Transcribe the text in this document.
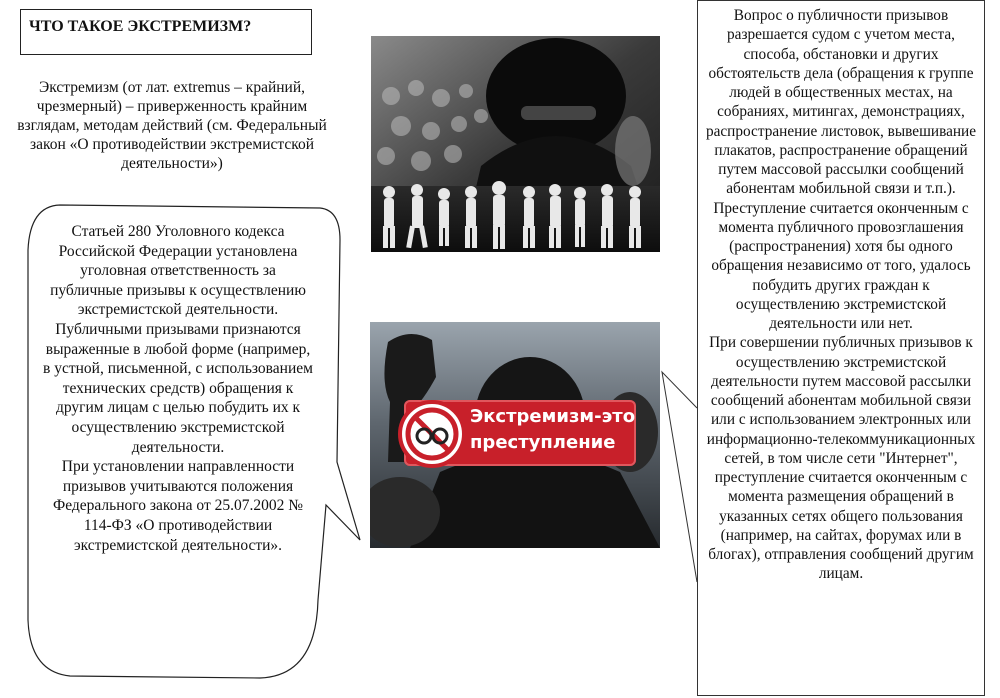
ЧТО ТАКОЕ ЭКСТРЕМИЗМ?
Экстремизм (от лат. extremus – крайний, чрезмерный) – приверженность крайним взглядам, методам действий (см. Федеральный закон «О противодействии экстремистской деятельности»)
Статьей 280 Уголовного кодекса Российской Федерации установлена уголовная ответственность за публичные призывы к осуществлению экстремистской деятельности.
Публичными призывами признаются выраженные в любой форме (например, в устной, письменной, с использованием технических средств) обращения к другим лицам с целью побудить их к осуществлению экстремистской деятельности.
При установлении направленности призывов учитываются положения Федерального закона от 25.07.2002 № 114-ФЗ «О противодействии экстремистской деятельности».
Экстремизм-это
преступление
Вопрос о публичности призывов разрешается судом с учетом места, способа, обстановки и других обстоятельств дела (обращения к группе людей в общественных местах, на собраниях, митингах, демонстрациях, распространение листовок, вывешивание плакатов, распространение обращений путем массовой рассылки сообщений абонентам мобильной связи и т.п.).
Преступление считается оконченным с момента публичного провозглашения (распространения) хотя бы одного обращения независимо от того, удалось побудить других граждан к осуществлению экстремистской деятельности или нет.
При совершении публичных призывов к осуществлению экстремистской деятельности путем массовой рассылки сообщений абонентам мобильной связи или с использованием электронных или информационно-телекоммуникационных сетей, в том числе сети "Интернет", преступление считается оконченным с момента размещения обращений в указанных сетях общего пользования (например, на сайтах, форумах или в блогах), отправления сообщений другим лицам.
